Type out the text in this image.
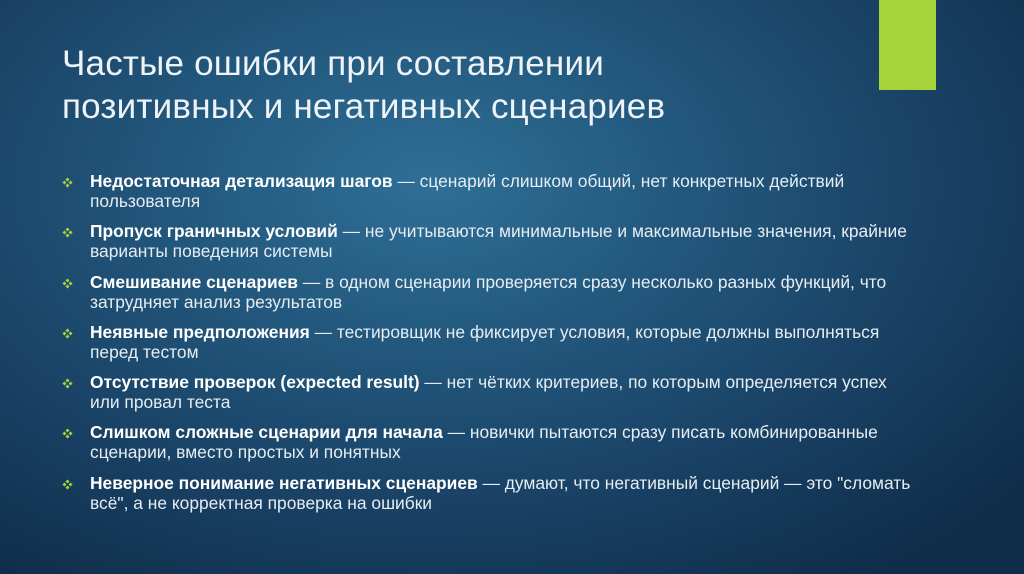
Частые ошибки при составлении
позитивных и негативных сценариев
Недостаточная детализация шагов — сценарий слишком общий, нет конкретных действий пользователя
Пропуск граничных условий — не учитываются минимальные и максимальные значения, крайние варианты поведения системы
Смешивание сценариев — в одном сценарии проверяется сразу несколько разных функций, что затрудняет анализ результатов
Неявные предположения — тестировщик не фиксирует условия, которые должны выполняться перед тестом
Отсутствие проверок (expected result) — нет чётких критериев, по которым определяется успех или провал теста
Слишком сложные сценарии для начала — новички пытаются сразу писать комбинированные сценарии, вместо простых и понятных
Неверное понимание негативных сценариев — думают, что негативный сценарий — это "сломать всё", а не корректная проверка на ошибки
